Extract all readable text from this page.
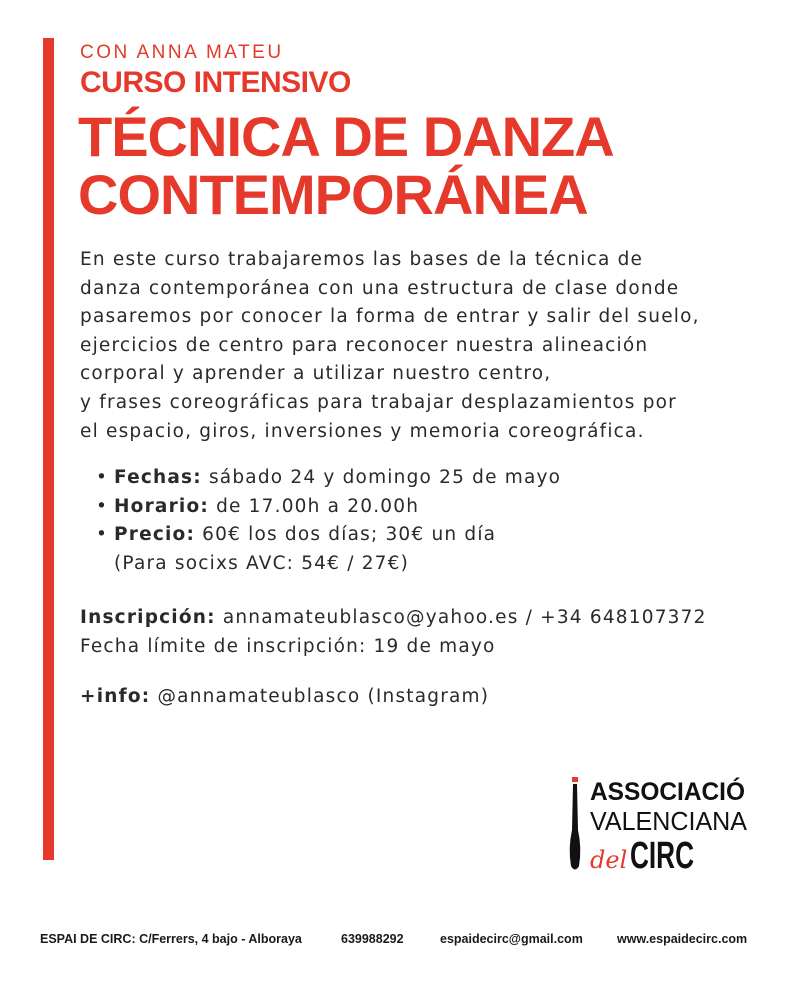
CON ANNA MATEU
CURSO INTENSIVO
TÉCNICA DE DANZA
CONTEMPORÁNEA
En este curso trabajaremos las bases de la técnica de
danza contemporánea con una estructura de clase donde
pasaremos por conocer la forma de entrar y salir del suelo,
ejercicios de centro para reconocer nuestra alineación
corporal y aprender a utilizar nuestro centro,
y frases coreográficas para trabajar desplazamientos por
el espacio, giros, inversiones y memoria coreográfica.
• Fechas: sábado 24 y domingo 25 de mayo
• Horario: de 17.00h a 20.00h
• Precio: 60€ los dos días; 30€ un día
(Para socixs AVC: 54€ / 27€)
Inscripción: annamateublasco@yahoo.es / +34 648107372
Fecha límite de inscripción: 19 de mayo
+info: @annamateublasco (Instagram)
ASSOCIACIÓ
VALENCIANA
del CIRC
ESPAI DE CIRC: C/Ferrers, 4 bajo - Alboraya	639988292	espaidecirc@gmail.com	www.espaidecirc.com
